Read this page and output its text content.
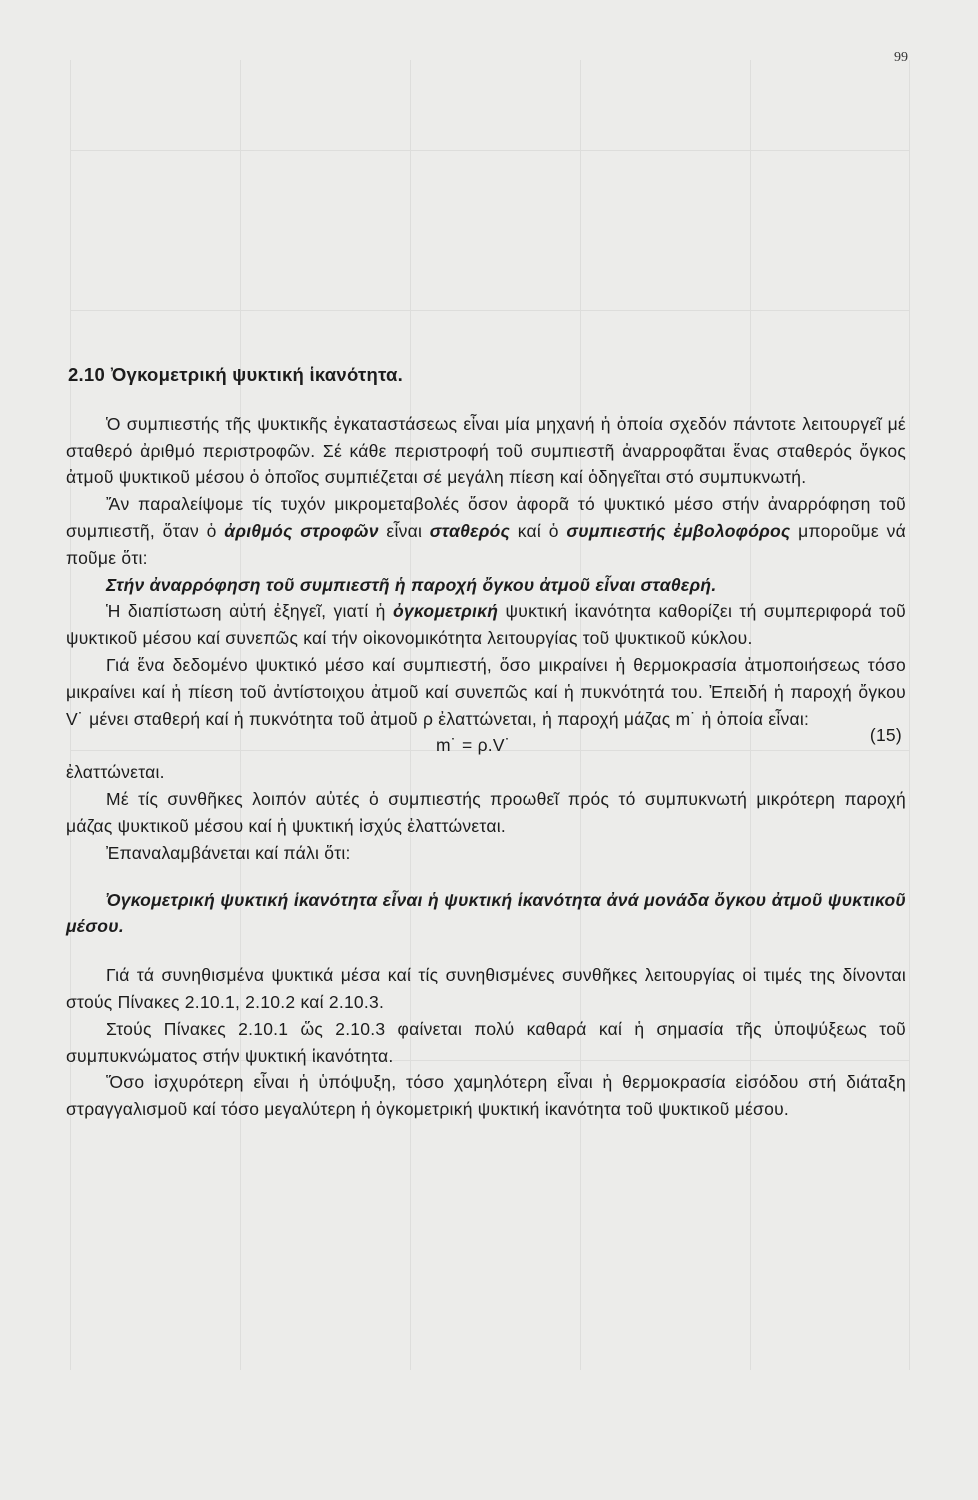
99
2.10 Ὀγκομετρική ψυκτική ἱκανότητα.

Ὁ συμπιεστής τῆς ψυκτικῆς ἐγκαταστάσεως εἶναι μία μηχανή ἡ ὁποία σχεδόν πάντοτε λειτουργεῖ μέ σταθερό ἀριθμό περιστροφῶν. Σέ κάθε περιστροφή τοῦ συμπιεστῆ ἀναρροφᾶται ἕνας σταθερός ὄγκος ἀτμοῦ ψυκτικοῦ μέσου ὁ ὁποῖος συμπιέζεται σέ μεγάλη πίεση καί ὁδηγεῖται στό συμπυκνωτή.

Ἄν παραλείψομε τίς τυχόν μικρομεταβολές ὅσον ἀφορᾶ τό ψυκτικό μέσο στήν ἀναρρόφηση τοῦ συμπιεστῆ, ὅταν ὁ ἀριθμός στροφῶν εἶναι σταθερός καί ὁ συμπιεστής ἐμβολοφόρος μποροῦμε νά ποῦμε ὅτι:

Στήν ἀναρρόφηση τοῦ συμπιεστῆ ἡ παροχή ὄγκου ἀτμοῦ εἶναι σταθερή.

Ἡ διαπίστωση αὐτή ἐξηγεῖ, γιατί ἡ ὀγκομετρική ψυκτική ἱκανότητα καθορίζει τή συμπεριφορά τοῦ ψυκτικοῦ μέσου καί συνεπῶς καί τήν οἰκονομικότητα λειτουργίας τοῦ ψυκτικοῦ κύκλου.

Γιά ἕνα δεδομένο ψυκτικό μέσο καί συμπιεστή, ὅσο μικραίνει ἡ θερμοκρασία ἀτμοποιήσεως τόσο μικραίνει καί ἡ πίεση τοῦ ἀντίστοιχου ἀτμοῦ καί συνεπῶς καί ἡ πυκνότητά του. Ἐπειδή ἡ παροχή ὄγκου V˙ μένει σταθερή καί ἡ πυκνότητα τοῦ ἀτμοῦ ρ ἐλαττώνεται, ἡ παροχή μάζας m˙ ἡ ὁποία εἶναι:

m˙ = ρ.V˙	(15)

ἐλαττώνεται.

Μέ τίς συνθῆκες λοιπόν αὐτές ὁ συμπιεστής προωθεῖ πρός τό συμπυκνωτή μικρότερη παροχή μάζας ψυκτικοῦ μέσου καί ἡ ψυκτική ἰσχύς ἐλαττώνεται.

Ἐπαναλαμβάνεται καί πάλι ὅτι:

Ὀγκομετρική ψυκτική ἱκανότητα εἶναι ἡ ψυκτική ἱκανότητα ἀνά μονάδα ὄγκου ἀτμοῦ ψυκτικοῦ μέσου.

Γιά τά συνηθισμένα ψυκτικά μέσα καί τίς συνηθισμένες συνθῆκες λειτουργίας οἱ τιμές της δίνονται στούς Πίνακες 2.10.1, 2.10.2 καί 2.10.3.

Στούς Πίνακες 2.10.1 ὥς 2.10.3 φαίνεται πολύ καθαρά καί ἡ σημασία τῆς ὑποψύξεως τοῦ συμπυκνώματος στήν ψυκτική ἱκανότητα.

Ὅσο ἰσχυρότερη εἶναι ἡ ὑπόψυξη, τόσο χαμηλότερη εἶναι ἡ θερμοκρασία εἰσόδου στή διάταξη στραγγαλισμοῦ καί τόσο μεγαλύτερη ἡ ὀγκομετρική ψυκτική ἱκανότητα τοῦ ψυκτικοῦ μέσου.
